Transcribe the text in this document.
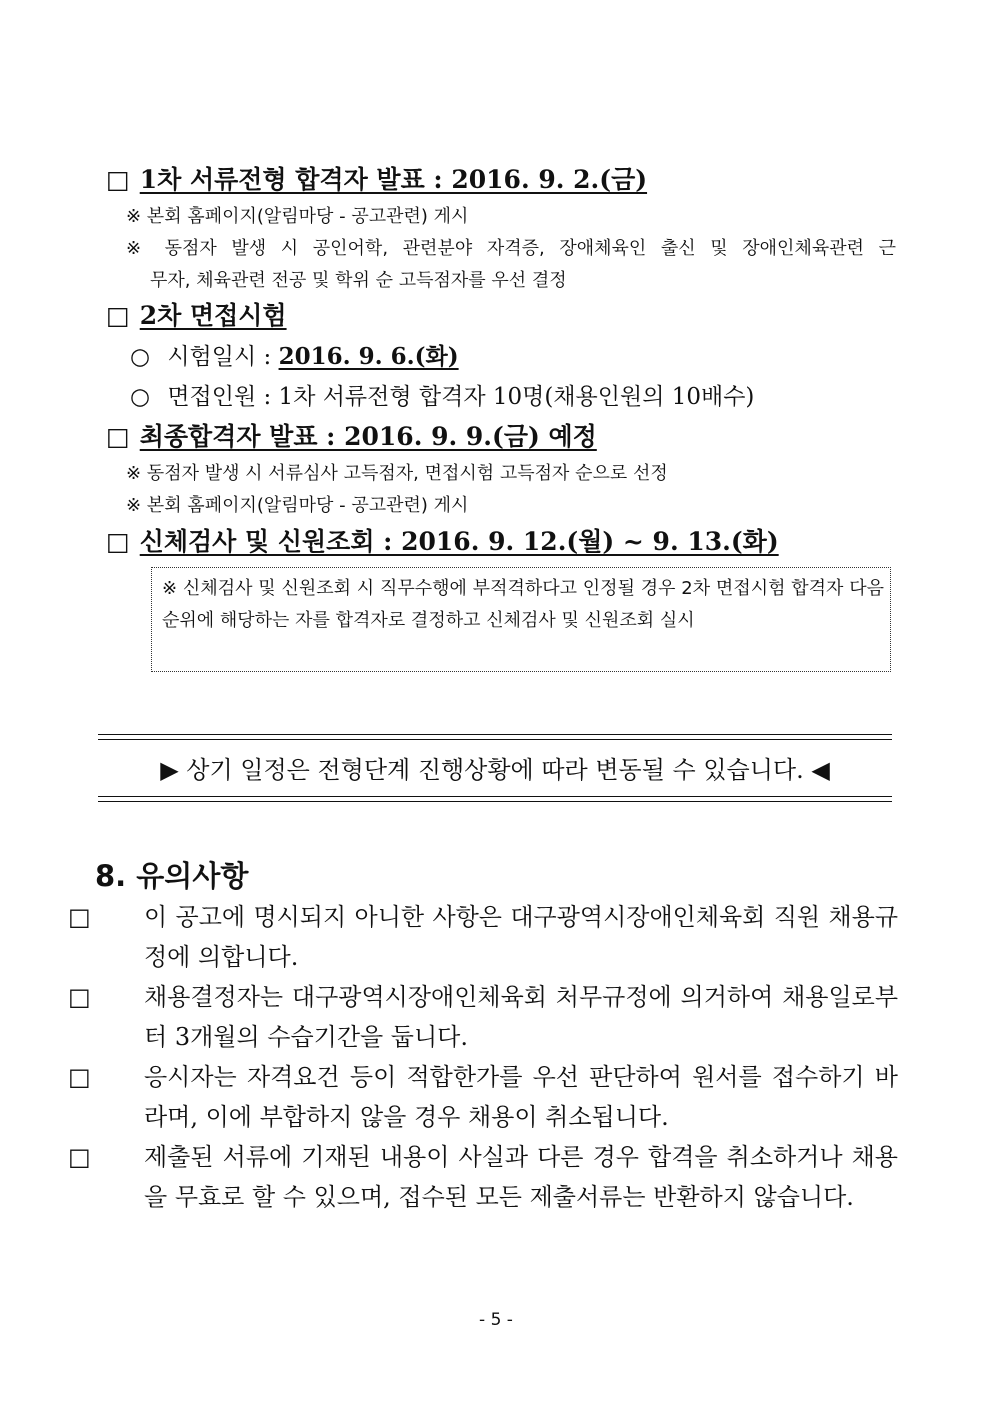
□ 1차 서류전형 합격자 발표 : 2016. 9. 2.(금)
※ 본회 홈페이지(알림마당 - 공고관련) 게시
※ 동점자 발생 시 공인어학, 관련분야 자격증, 장애체육인 출신 및 장애인체육관련 근
무자, 체육관련 전공 및 학위 순 고득점자를 우선 결정
□ 2차 면접시험
○ 시험일시 : 2016. 9. 6.(화)
○ 면접인원 : 1차 서류전형 합격자 10명(채용인원의 10배수)
□ 최종합격자 발표 : 2016. 9. 9.(금) 예정
※ 동점자 발생 시 서류심사 고득점자, 면접시험 고득점자 순으로 선정
※ 본회 홈페이지(알림마당 - 공고관련) 게시
□ 신체검사 및 신원조회 : 2016. 9. 12.(월) ~ 9. 13.(화)
※ 신체검사 및 신원조회 시 직무수행에 부적격하다고 인정될 경우 2차 면접시험 합격자 다음 순위에 해당하는 자를 합격자로 결정하고 신체검사 및 신원조회 실시
▶ 상기 일정은 전형단계 진행상황에 따라 변동될 수 있습니다. ◀
8. 유의사항
□ 이 공고에 명시되지 아니한 사항은 대구광역시장애인체육회 직원 채용규정에 의합니다.
□ 채용결정자는 대구광역시장애인체육회 처무규정에 의거하여 채용일로부터 3개월의 수습기간을 둡니다.
□ 응시자는 자격요건 등이 적합한가를 우선 판단하여 원서를 접수하기 바라며, 이에 부합하지 않을 경우 채용이 취소됩니다.
□ 제출된 서류에 기재된 내용이 사실과 다른 경우 합격을 취소하거나 채용을 무효로 할 수 있으며, 접수된 모든 제출서류는 반환하지 않습니다.
- 5 -
